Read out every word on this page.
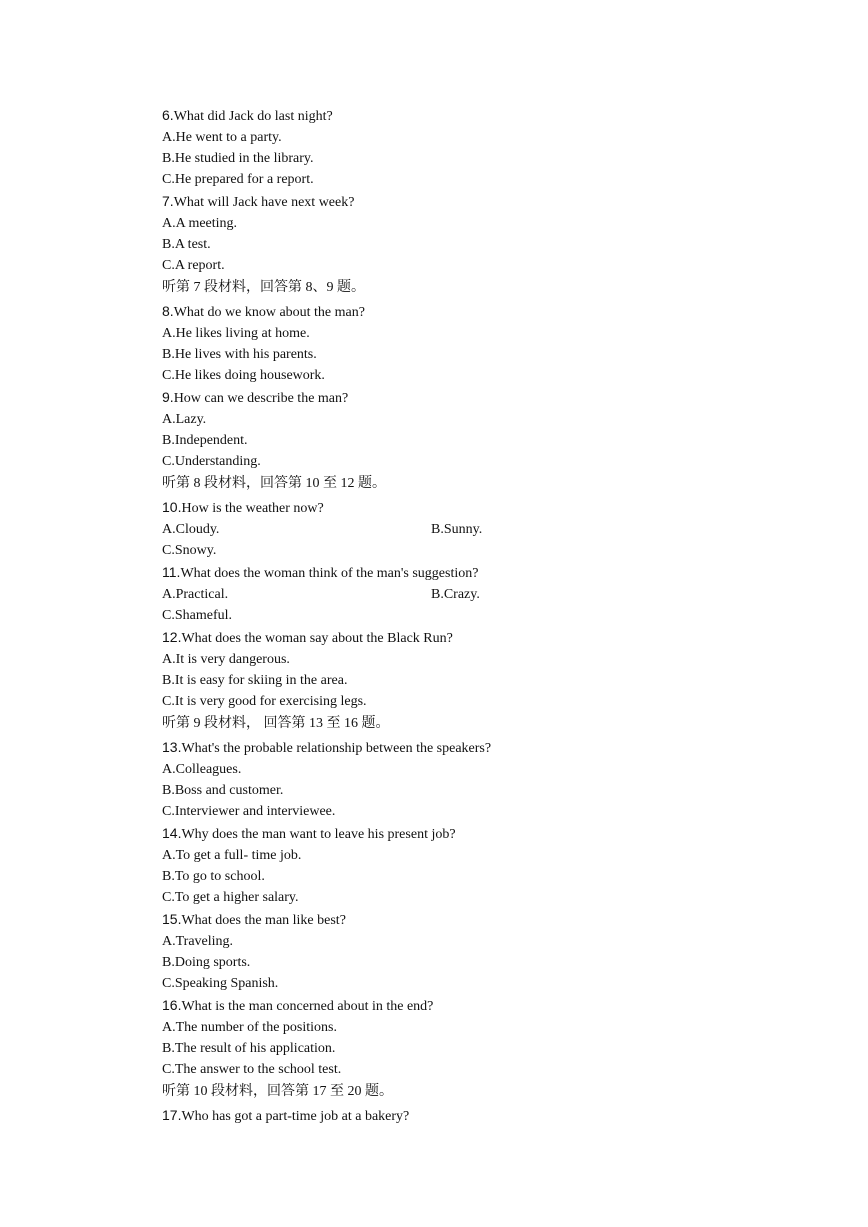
6.What did Jack do last night?
A.He went to a party.
B.He studied in the library.
C.He prepared for a report.
7.What will Jack have next week?
A.A meeting.
B.A test.
C.A report.
听第 7 段材料，回答第 8、9 题。
8.What do we know about the man?
A.He likes living at home.
B.He lives with his parents.
C.He likes doing housework.
9.How can we describe the man?
A.Lazy.
B.Independent.
C.Understanding.
听第 8 段材料，回答第 10 至 12 题。
10.How is the weather now?
A.Cloudy.	B.Sunny.
C.Snowy.
11.What does the woman think of the man's suggestion?
A.Practical.	B.Crazy.
C.Shameful.
12.What does the woman say about the Black Run?
A.It is very dangerous.
B.It is easy for skiing in the area.
C.It is very good for exercising legs.
听第 9 段材料， 回答第 13 至 16 题。
13.What's the probable relationship between the speakers?
A.Colleagues.
B.Boss and customer.
C.Interviewer and interviewee.
14.Why does the man want to leave his present job?
A.To get a full- time job.
B.To go to school.
C.To get a higher salary.
15.What does the man like best?
A.Traveling.
B.Doing sports.
C.Speaking Spanish.
16.What is the man concerned about in the end?
A.The number of the positions.
B.The result of his application.
C.The answer to the school test.
听第 10 段材料，回答第 17 至 20 题。
17.Who has got a part-time job at a bakery?
